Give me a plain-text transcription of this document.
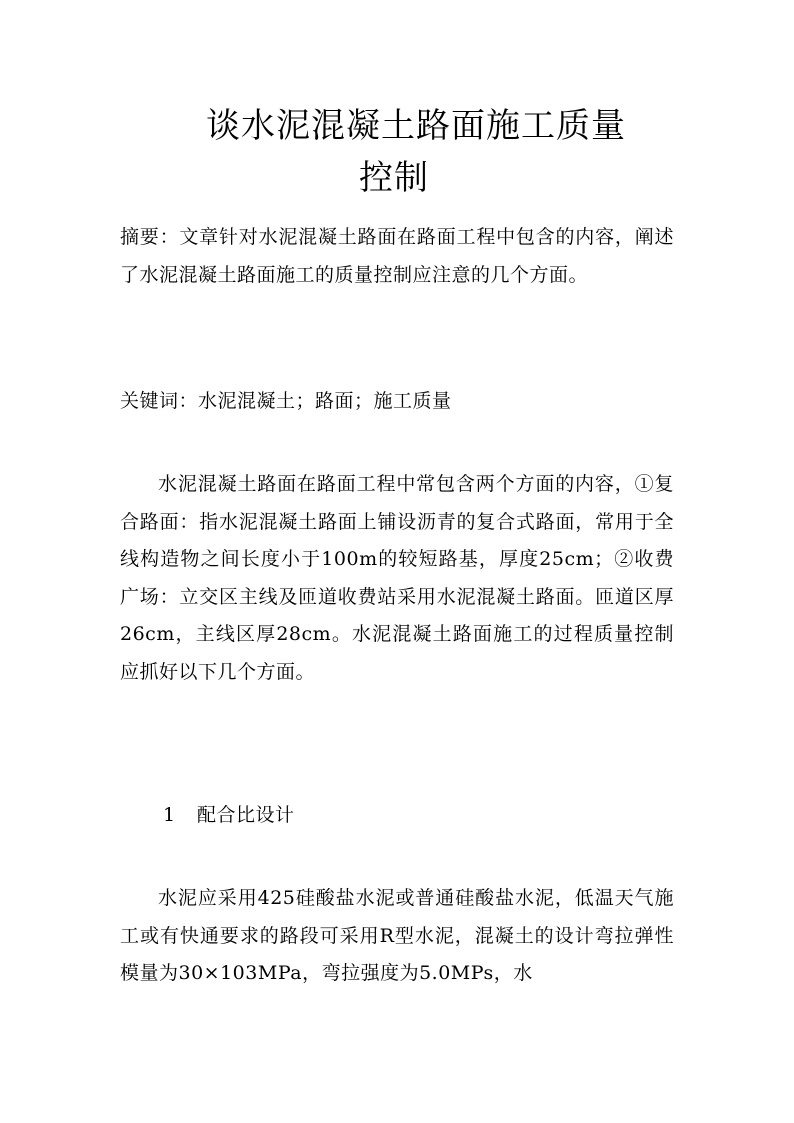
谈水泥混凝土路面施工质量
控制

摘要：文章针对水泥混凝土路面在路面工程中包含的内容，阐述了水泥混凝土路面施工的质量控制应注意的几个方面。

关键词：水泥混凝土；路面；施工质量

水泥混凝土路面在路面工程中常包含两个方面的内容，①复合路面：指水泥混凝土路面上铺设沥青的复合式路面，常用于全线构造物之间长度小于100m的较短路基，厚度25cm；②收费广场：立交区主线及匝道收费站采用水泥混凝土路面。匝道区厚26cm，主线区厚28cm。水泥混凝土路面施工的过程质量控制应抓好以下几个方面。

1 配合比设计

水泥应采用425硅酸盐水泥或普通硅酸盐水泥，低温天气施工或有快通要求的路段可采用R型水泥，混凝土的设计弯拉弹性模量为30×103MPa，弯拉强度为5.0MPs，水
